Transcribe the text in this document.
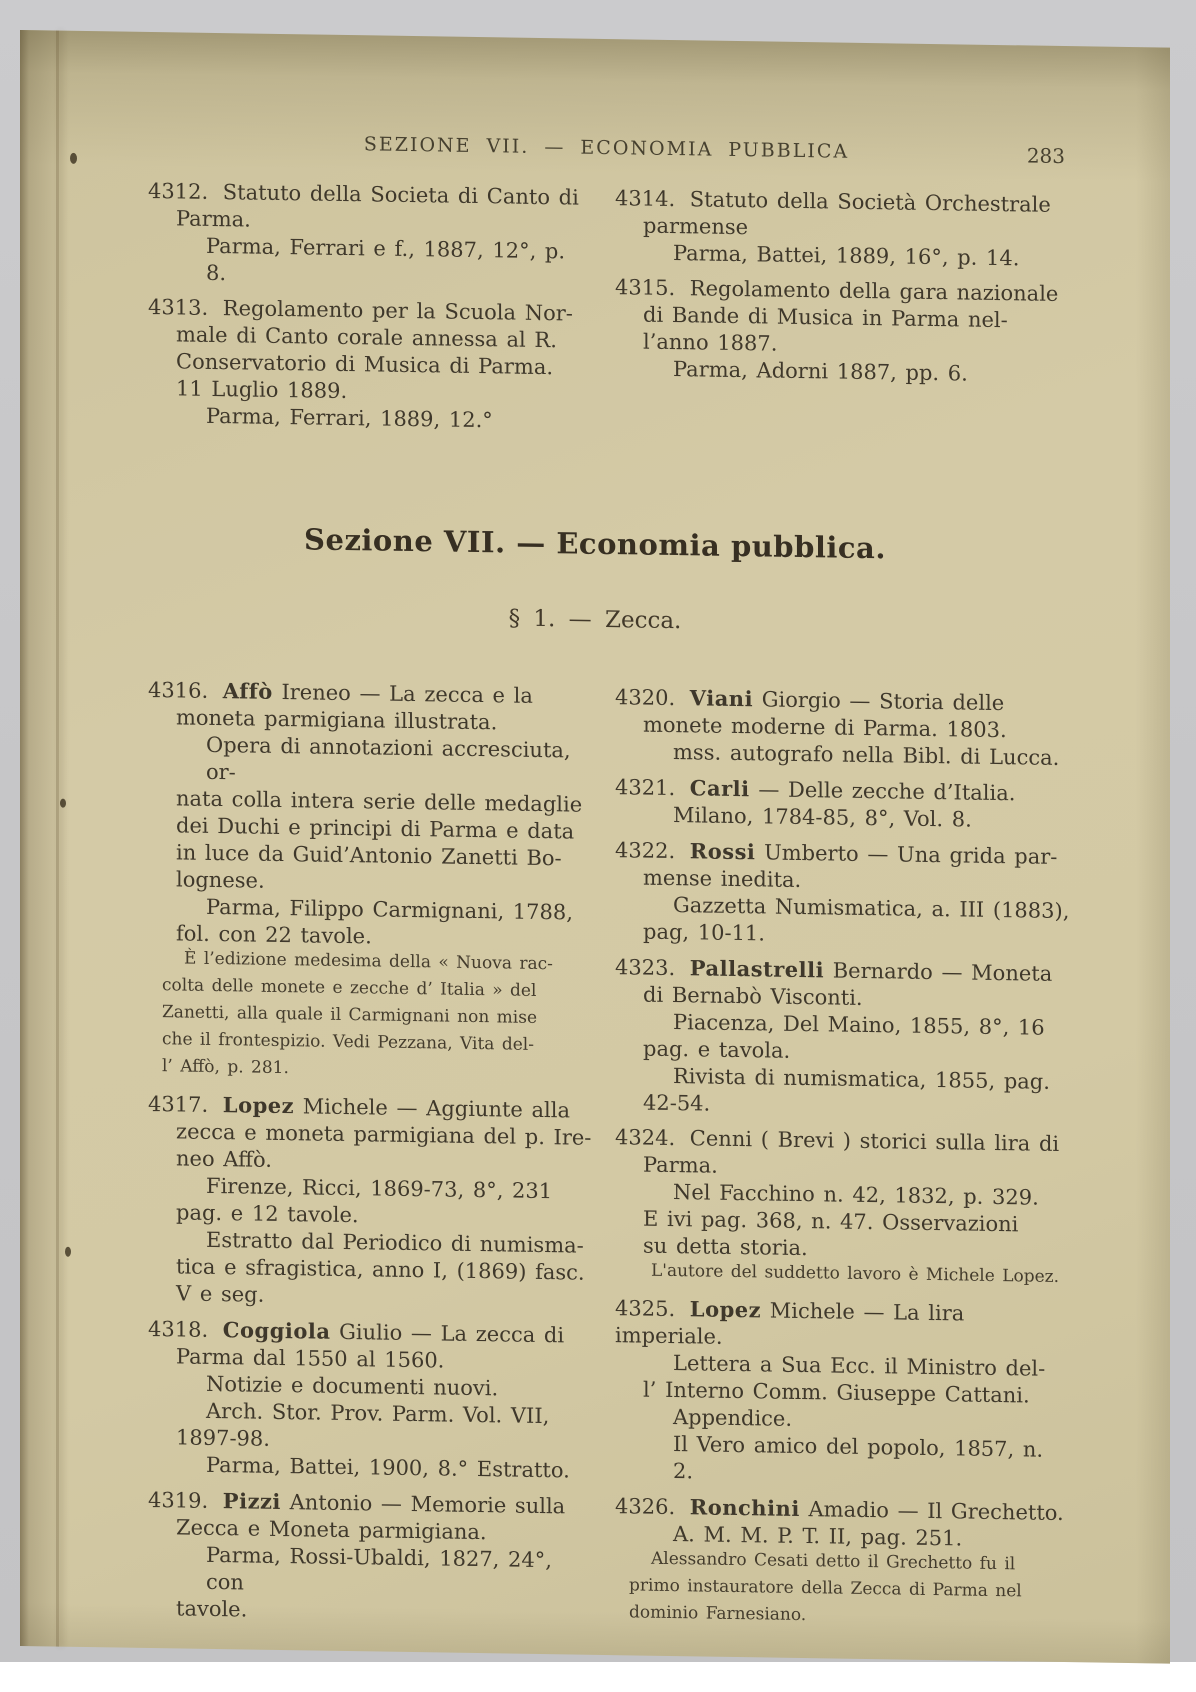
SEZIONE VII. — ECONOMIA PUBBLICA	283
4312. Statuto della Societa di Canto di
Parma.
Parma, Ferrari e f., 1887, 12°, p. 8.
4313. Regolamento per la Scuola Nor-
male di Canto corale annessa al R.
Conservatorio di Musica di Parma.
11 Luglio 1889.
Parma, Ferrari, 1889, 12.°
4314. Statuto della Società Orchestrale
parmense
Parma, Battei, 1889, 16°, p. 14.
4315. Regolamento della gara nazionale
di Bande di Musica in Parma nel-
l’anno 1887.
Parma, Adorni 1887, pp. 6.
Sezione VII. — Economia pubblica.
§ 1. — Zecca.
4316. Affò Ireneo — La zecca e la
moneta parmigiana illustrata.
Opera di annotazioni accresciuta, or-
nata colla intera serie delle medaglie
dei Duchi e principi di Parma e data
in luce da Guid’Antonio Zanetti Bo-
lognese.
Parma, Filippo Carmignani, 1788,
fol. con 22 tavole.
È l’edizione medesima della « Nuova rac-
colta delle monete e zecche d’ Italia » del
Zanetti, alla quale il Carmignani non mise
che il frontespizio. Vedi Pezzana, Vita del-
l’ Affò, p. 281.
4317. Lopez Michele — Aggiunte alla
zecca e moneta parmigiana del p. Ire-
neo Affò.
Firenze, Ricci, 1869-73, 8°, 231
pag. e 12 tavole.
Estratto dal Periodico di numisma-
tica e sfragistica, anno I, (1869) fasc.
V e seg.
4318. Coggiola Giulio — La zecca di
Parma dal 1550 al 1560.
Notizie e documenti nuovi.
Arch. Stor. Prov. Parm. Vol. VII,
1897-98.
Parma, Battei, 1900, 8.° Estratto.
4319. Pizzi Antonio — Memorie sulla
Zecca e Moneta parmigiana.
Parma, Rossi-Ubaldi, 1827, 24°, con
tavole.
4320. Viani Giorgio — Storia delle
monete moderne di Parma. 1803.
mss. autografo nella Bibl. di Lucca.
4321. Carli — Delle zecche d’Italia.
Milano, 1784-85, 8°, Vol. 8.
4322. Rossi Umberto — Una grida par-
mense inedita.
Gazzetta Numismatica, a. III (1883),
pag, 10-11.
4323. Pallastrelli Bernardo — Moneta
di Bernabò Visconti.
Piacenza, Del Maino, 1855, 8°, 16
pag. e tavola.
Rivista di numismatica, 1855, pag.
42-54.
4324. Cenni ( Brevi ) storici sulla lira di
Parma.
Nel Facchino n. 42, 1832, p. 329.
E ivi pag. 368, n. 47. Osservazioni
su detta storia.
L'autore del suddetto lavoro è Michele Lopez.
4325. Lopez Michele — La lira imperiale.
Lettera a Sua Ecc. il Ministro del-
l’ Interno Comm. Giuseppe Cattani.
Appendice.
Il Vero amico del popolo, 1857, n. 2.
4326. Ronchini Amadio — Il Grechetto.
A. M. M. P. T. II, pag. 251.
Alessandro Cesati detto il Grechetto fu il
primo instauratore della Zecca di Parma nel
dominio Farnesiano.
